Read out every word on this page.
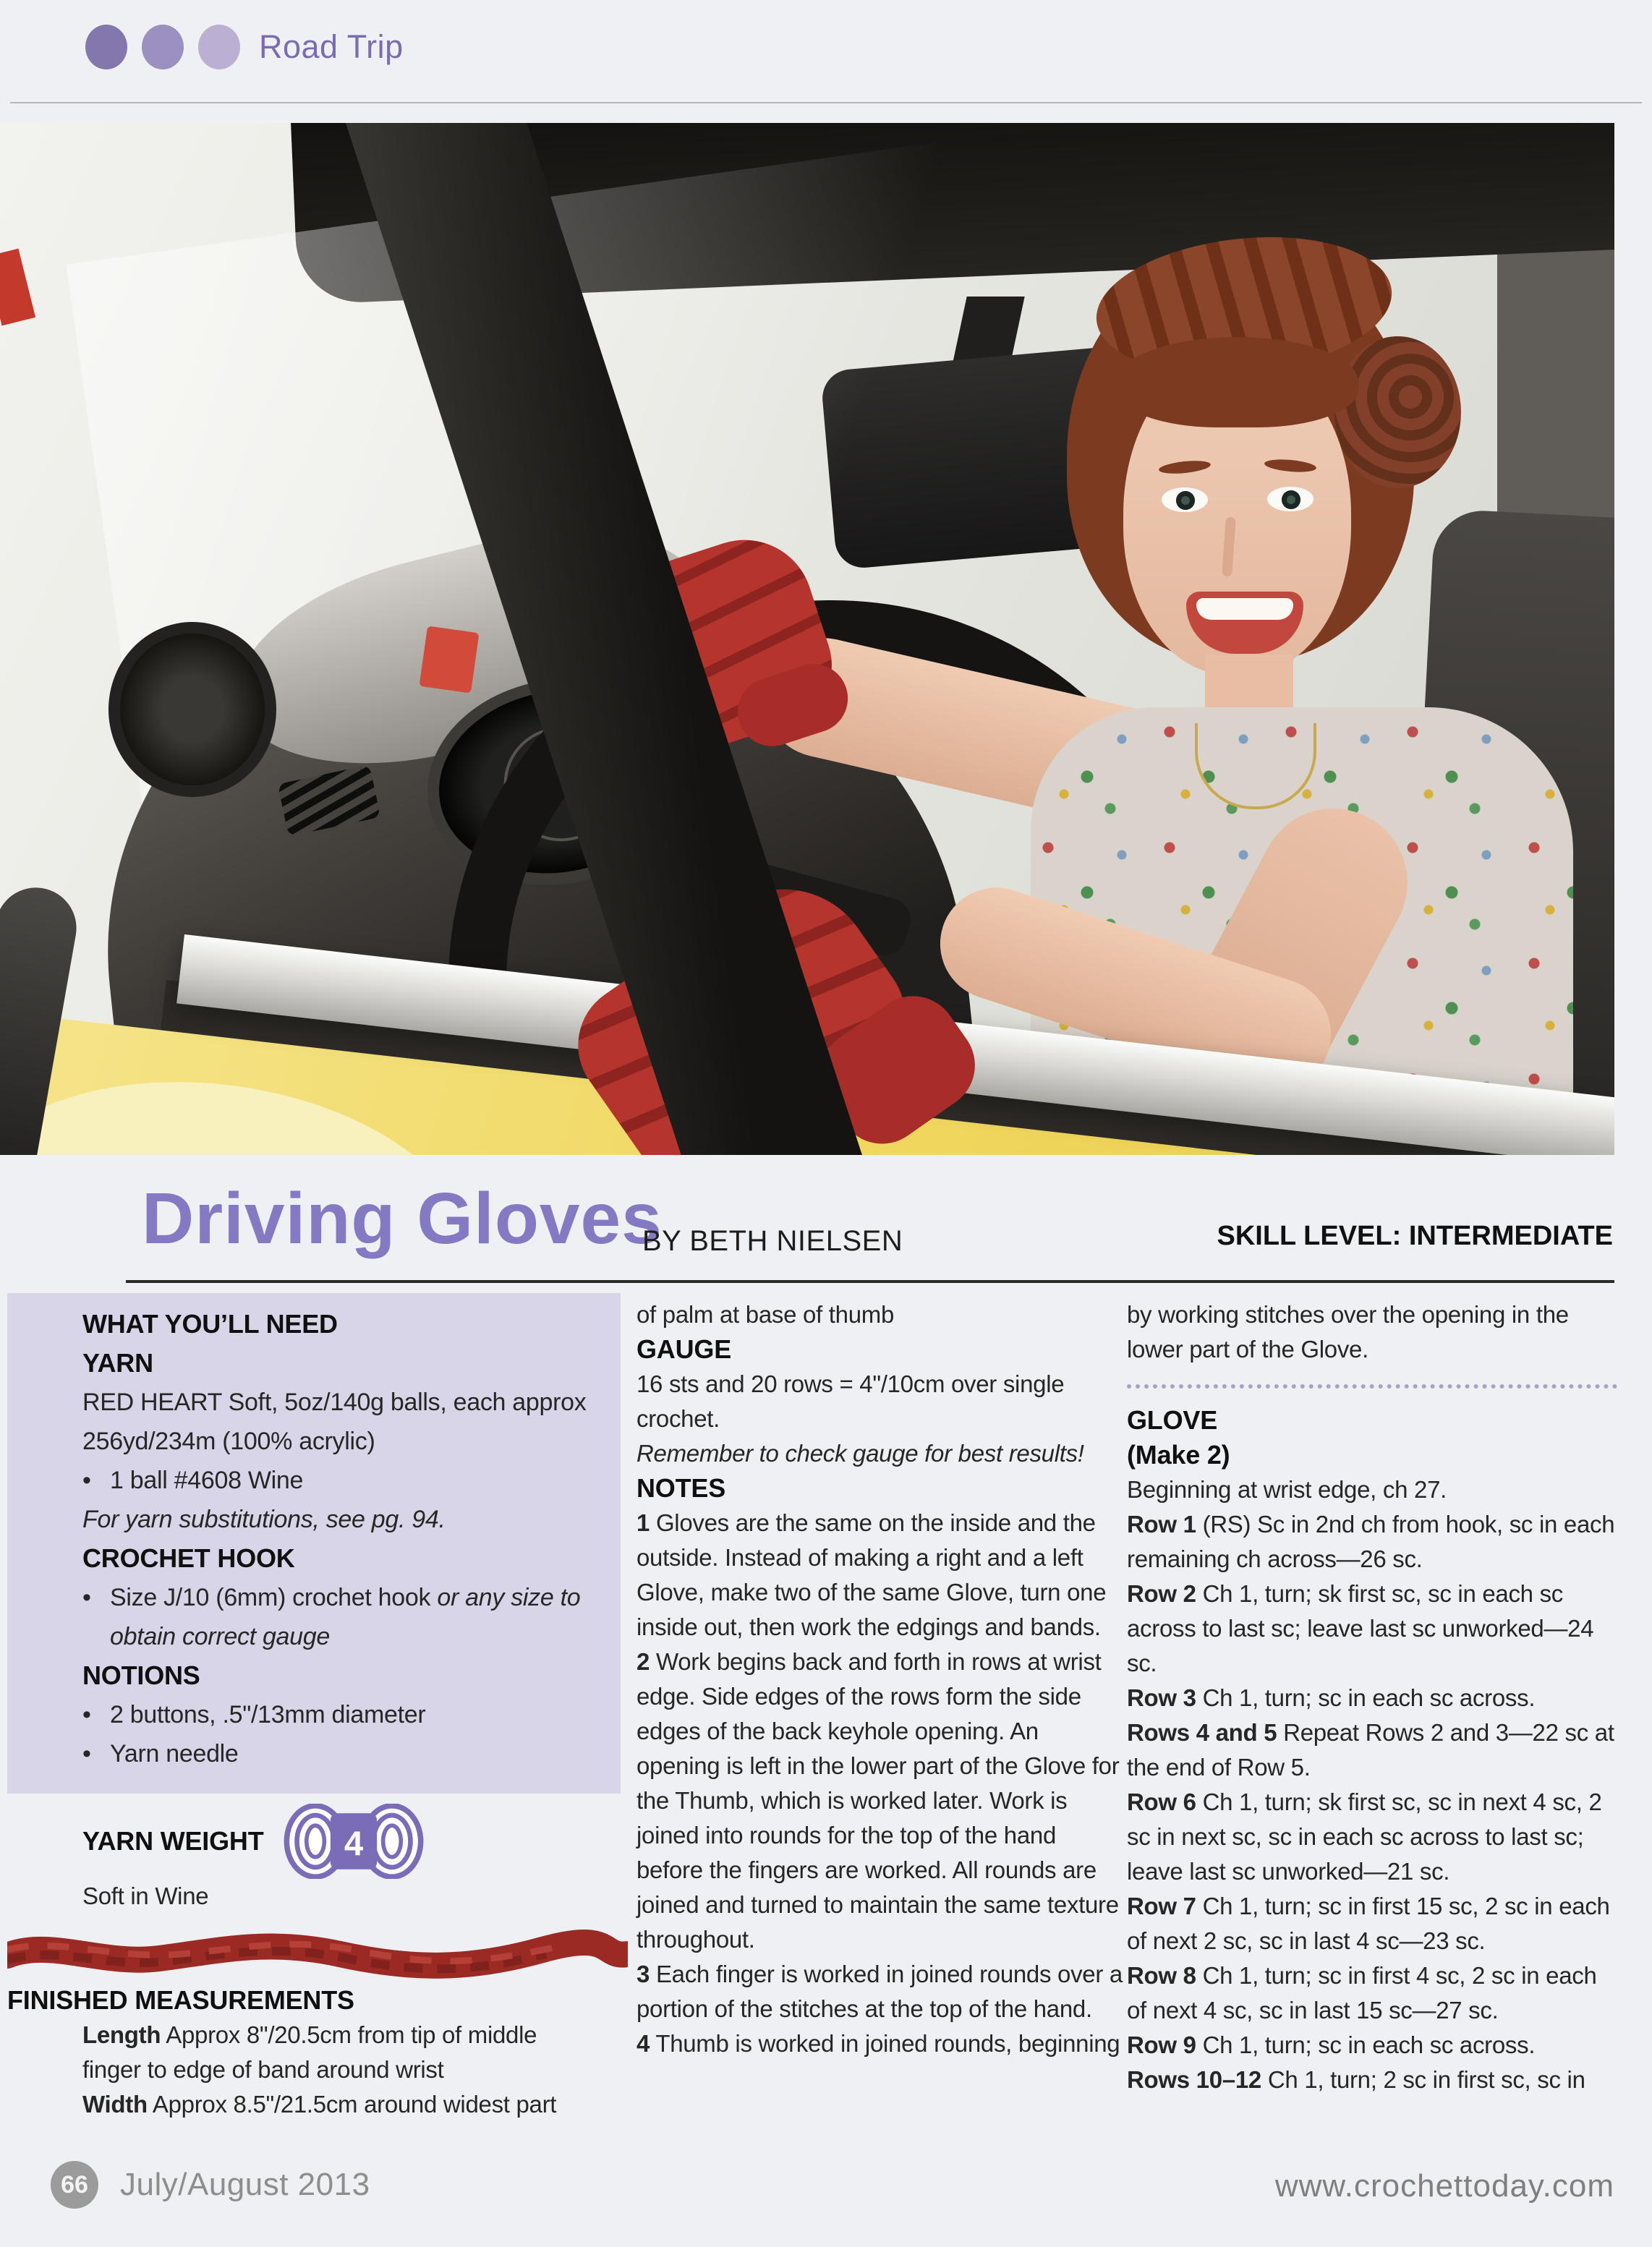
Road Trip
Driving Gloves
BY BETH NIELSEN	SKILL LEVEL: INTERMEDIATE
WHAT YOU’LL NEED
YARN

RED HEART Soft, 5oz/140g balls, each approx 256yd/234m (100% acrylic)

• 1 ball #4608 Wine

For yarn substitutions, see pg. 94.

CROCHET HOOK

• Size J/10 (6mm) crochet hook or any size to obtain correct gauge

NOTIONS

• 2 buttons, .5"/13mm diameter

• Yarn needle

YARN WEIGHT 4

Soft in Wine

FINISHED MEASUREMENTS

Length Approx 8"/20.5cm from tip of middle finger to edge of band around wrist

Width Approx 8.5"/21.5cm around widest part

of palm at base of thumb

GAUGE

16 sts and 20 rows = 4"/10cm over single crochet.

Remember to check gauge for best results!

NOTES

1 Gloves are the same on the inside and the outside. Instead of making a right and a left Glove, make two of the same Glove, turn one inside out, then work the edgings and bands.

2 Work begins back and forth in rows at wrist edge. Side edges of the rows form the side edges of the back keyhole opening. An opening is left in the lower part of the Glove for the Thumb, which is worked later. Work is joined into rounds for the top of the hand before the fingers are worked. All rounds are joined and turned to maintain the same texture throughout.

3 Each finger is worked in joined rounds over a portion of the stitches at the top of the hand.

4 Thumb is worked in joined rounds, beginning

by working stitches over the opening in the lower part of the Glove.

GLOVE
(Make 2)

Beginning at wrist edge, ch 27.

Row 1 (RS) Sc in 2nd ch from hook, sc in each remaining ch across—26 sc.

Row 2 Ch 1, turn; sk first sc, sc in each sc across to last sc; leave last sc unworked—24 sc.

Row 3 Ch 1, turn; sc in each sc across.

Rows 4 and 5 Repeat Rows 2 and 3—22 sc at the end of Row 5.

Row 6 Ch 1, turn; sk first sc, sc in next 4 sc, 2 sc in next sc, sc in each sc across to last sc; leave last sc unworked—21 sc.

Row 7 Ch 1, turn; sc in first 15 sc, 2 sc in each of next 2 sc, sc in last 4 sc—23 sc.

Row 8 Ch 1, turn; sc in first 4 sc, 2 sc in each of next 4 sc, sc in last 15 sc—27 sc.

Row 9 Ch 1, turn; sc in each sc across.

Rows 10–12 Ch 1, turn; 2 sc in first sc, sc in

66 July/August 2013	www.crochettoday.com
